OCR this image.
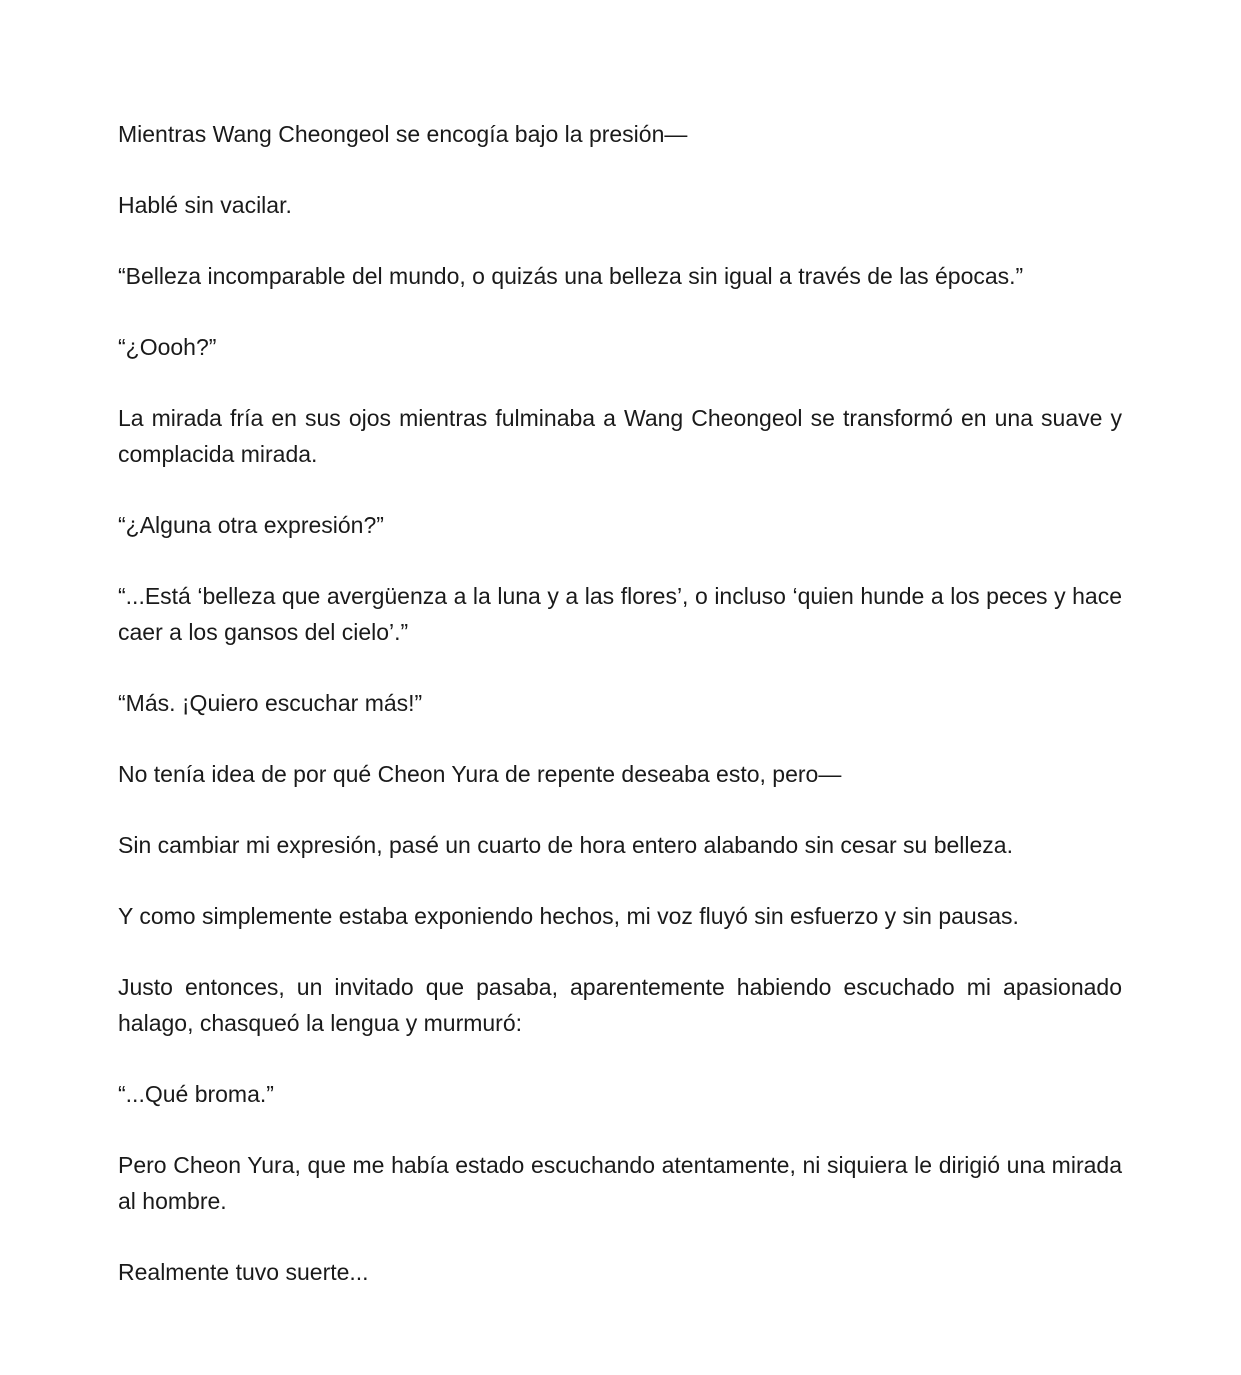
Mientras Wang Cheongeol se encogía bajo la presión—

Hablé sin vacilar.

“Belleza incomparable del mundo, o quizás una belleza sin igual a través de las épocas.”

“¿Oooh?”

La mirada fría en sus ojos mientras fulminaba a Wang Cheongeol se transformó en una suave y complacida mirada.

“¿Alguna otra expresión?”

“...Está ‘belleza que avergüenza a la luna y a las flores’, o incluso ‘quien hunde a los peces y hace caer a los gansos del cielo’.”

“Más. ¡Quiero escuchar más!”

No tenía idea de por qué Cheon Yura de repente deseaba esto, pero—

Sin cambiar mi expresión, pasé un cuarto de hora entero alabando sin cesar su belleza.

Y como simplemente estaba exponiendo hechos, mi voz fluyó sin esfuerzo y sin pausas.

Justo entonces, un invitado que pasaba, aparentemente habiendo escuchado mi apasionado halago, chasqueó la lengua y murmuró:

“...Qué broma.”

Pero Cheon Yura, que me había estado escuchando atentamente, ni siquiera le dirigió una mirada al hombre.

Realmente tuvo suerte...
